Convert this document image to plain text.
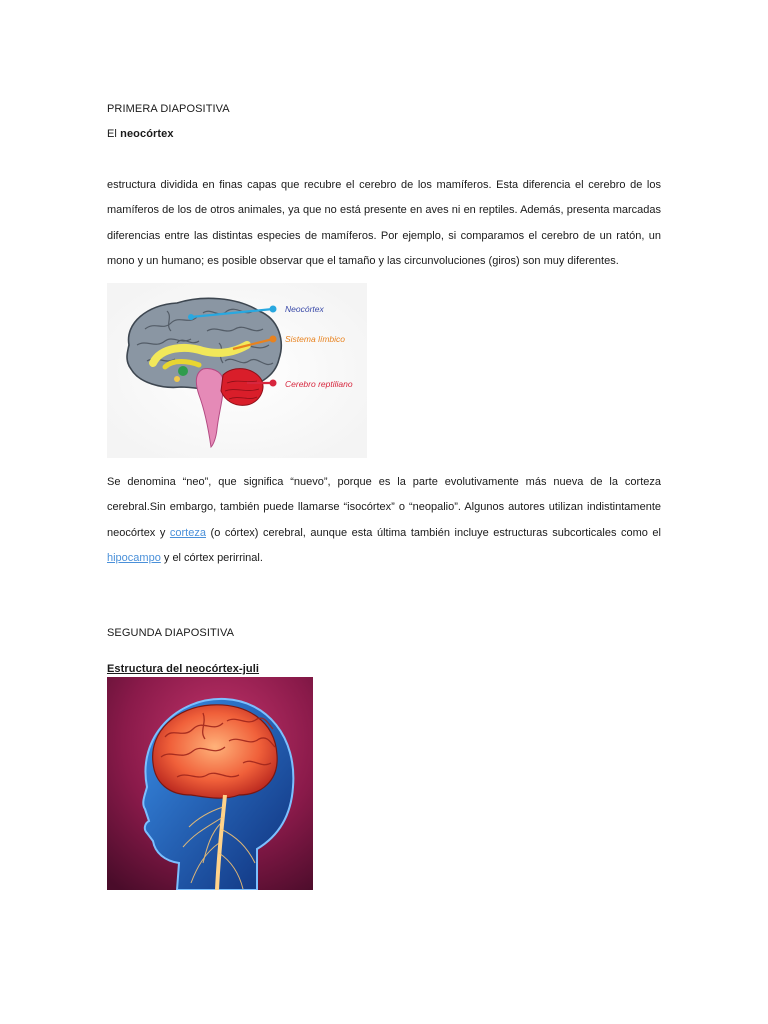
PRIMERA DIAPOSITIVA
El neocórtex

estructura dividida en finas capas que recubre el cerebro de los mamíferos. Esta diferencia el cerebro de los mamíferos de los de otros animales, ya que no está presente en aves ni en reptiles. Además, presenta marcadas diferencias entre las distintas especies de mamíferos. Por ejemplo, si comparamos el cerebro de un ratón, un mono y un humano; es posible observar que el tamaño y las circunvoluciones (giros) son muy diferentes.

Neocórtex
Sistema límbico
Cerebro reptiliano

Se denomina “neo”, que significa “nuevo”, porque es la parte evolutivamente más nueva de la corteza cerebral.Sin embargo, también puede llamarse “isocórtex” o “neopalio”. Algunos autores utilizan indistintamente neocórtex y corteza (o córtex) cerebral, aunque esta última también incluye estructuras subcorticales como el hipocampo y el córtex perirrinal.

SEGUNDA DIAPOSITIVA
Estructura del neocórtex-juli
